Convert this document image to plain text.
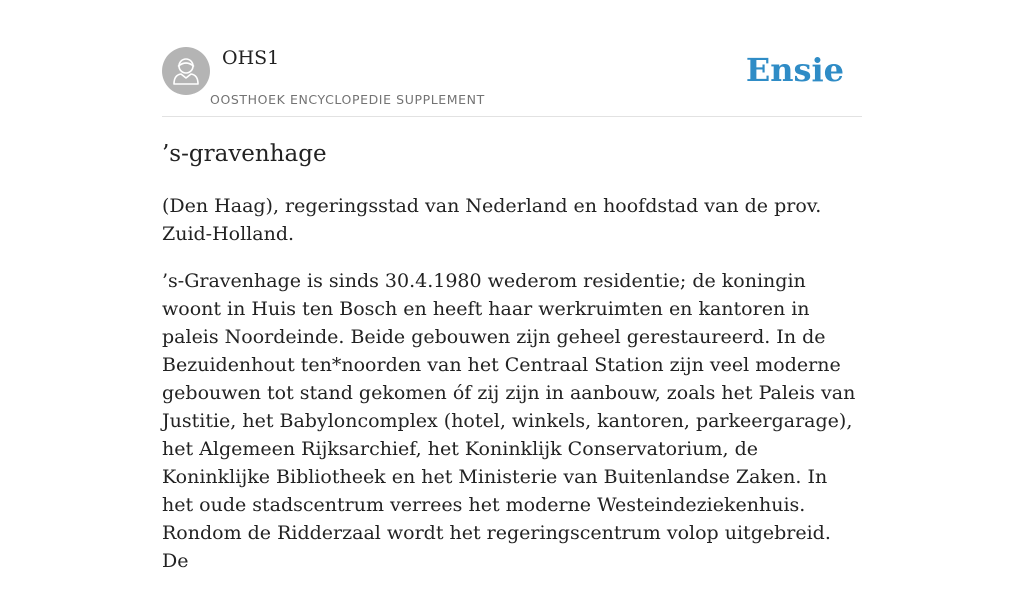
OHS1
OOSTHOEK ENCYCLOPEDIE SUPPLEMENT
Ensie
’s-gravenhage

(Den Haag), regeringsstad van Nederland en hoofdstad van de prov. Zuid-Holland.

’s-Gravenhage is sinds 30.4.1980 wederom residentie; de koningin woont in Huis ten Bosch en heeft haar werkruimten en kantoren in paleis Noordeinde. Beide gebouwen zijn geheel gerestaureerd. In de Bezuidenhout ten*noorden van het Centraal Station zijn veel moderne gebouwen tot stand gekomen óf zij zijn in aanbouw, zoals het Paleis van Justitie, het Babyloncomplex (hotel, winkels, kantoren, parkeergarage), het Algemeen Rijksarchief, het Koninklijk Conservatorium, de Koninklijke Bibliotheek en het Ministerie van Buitenlandse Zaken. In het oude stadscentrum verrees het moderne Westeindeziekenhuis. Rondom de Ridderzaal wordt het regeringscentrum volop uitgebreid. De
